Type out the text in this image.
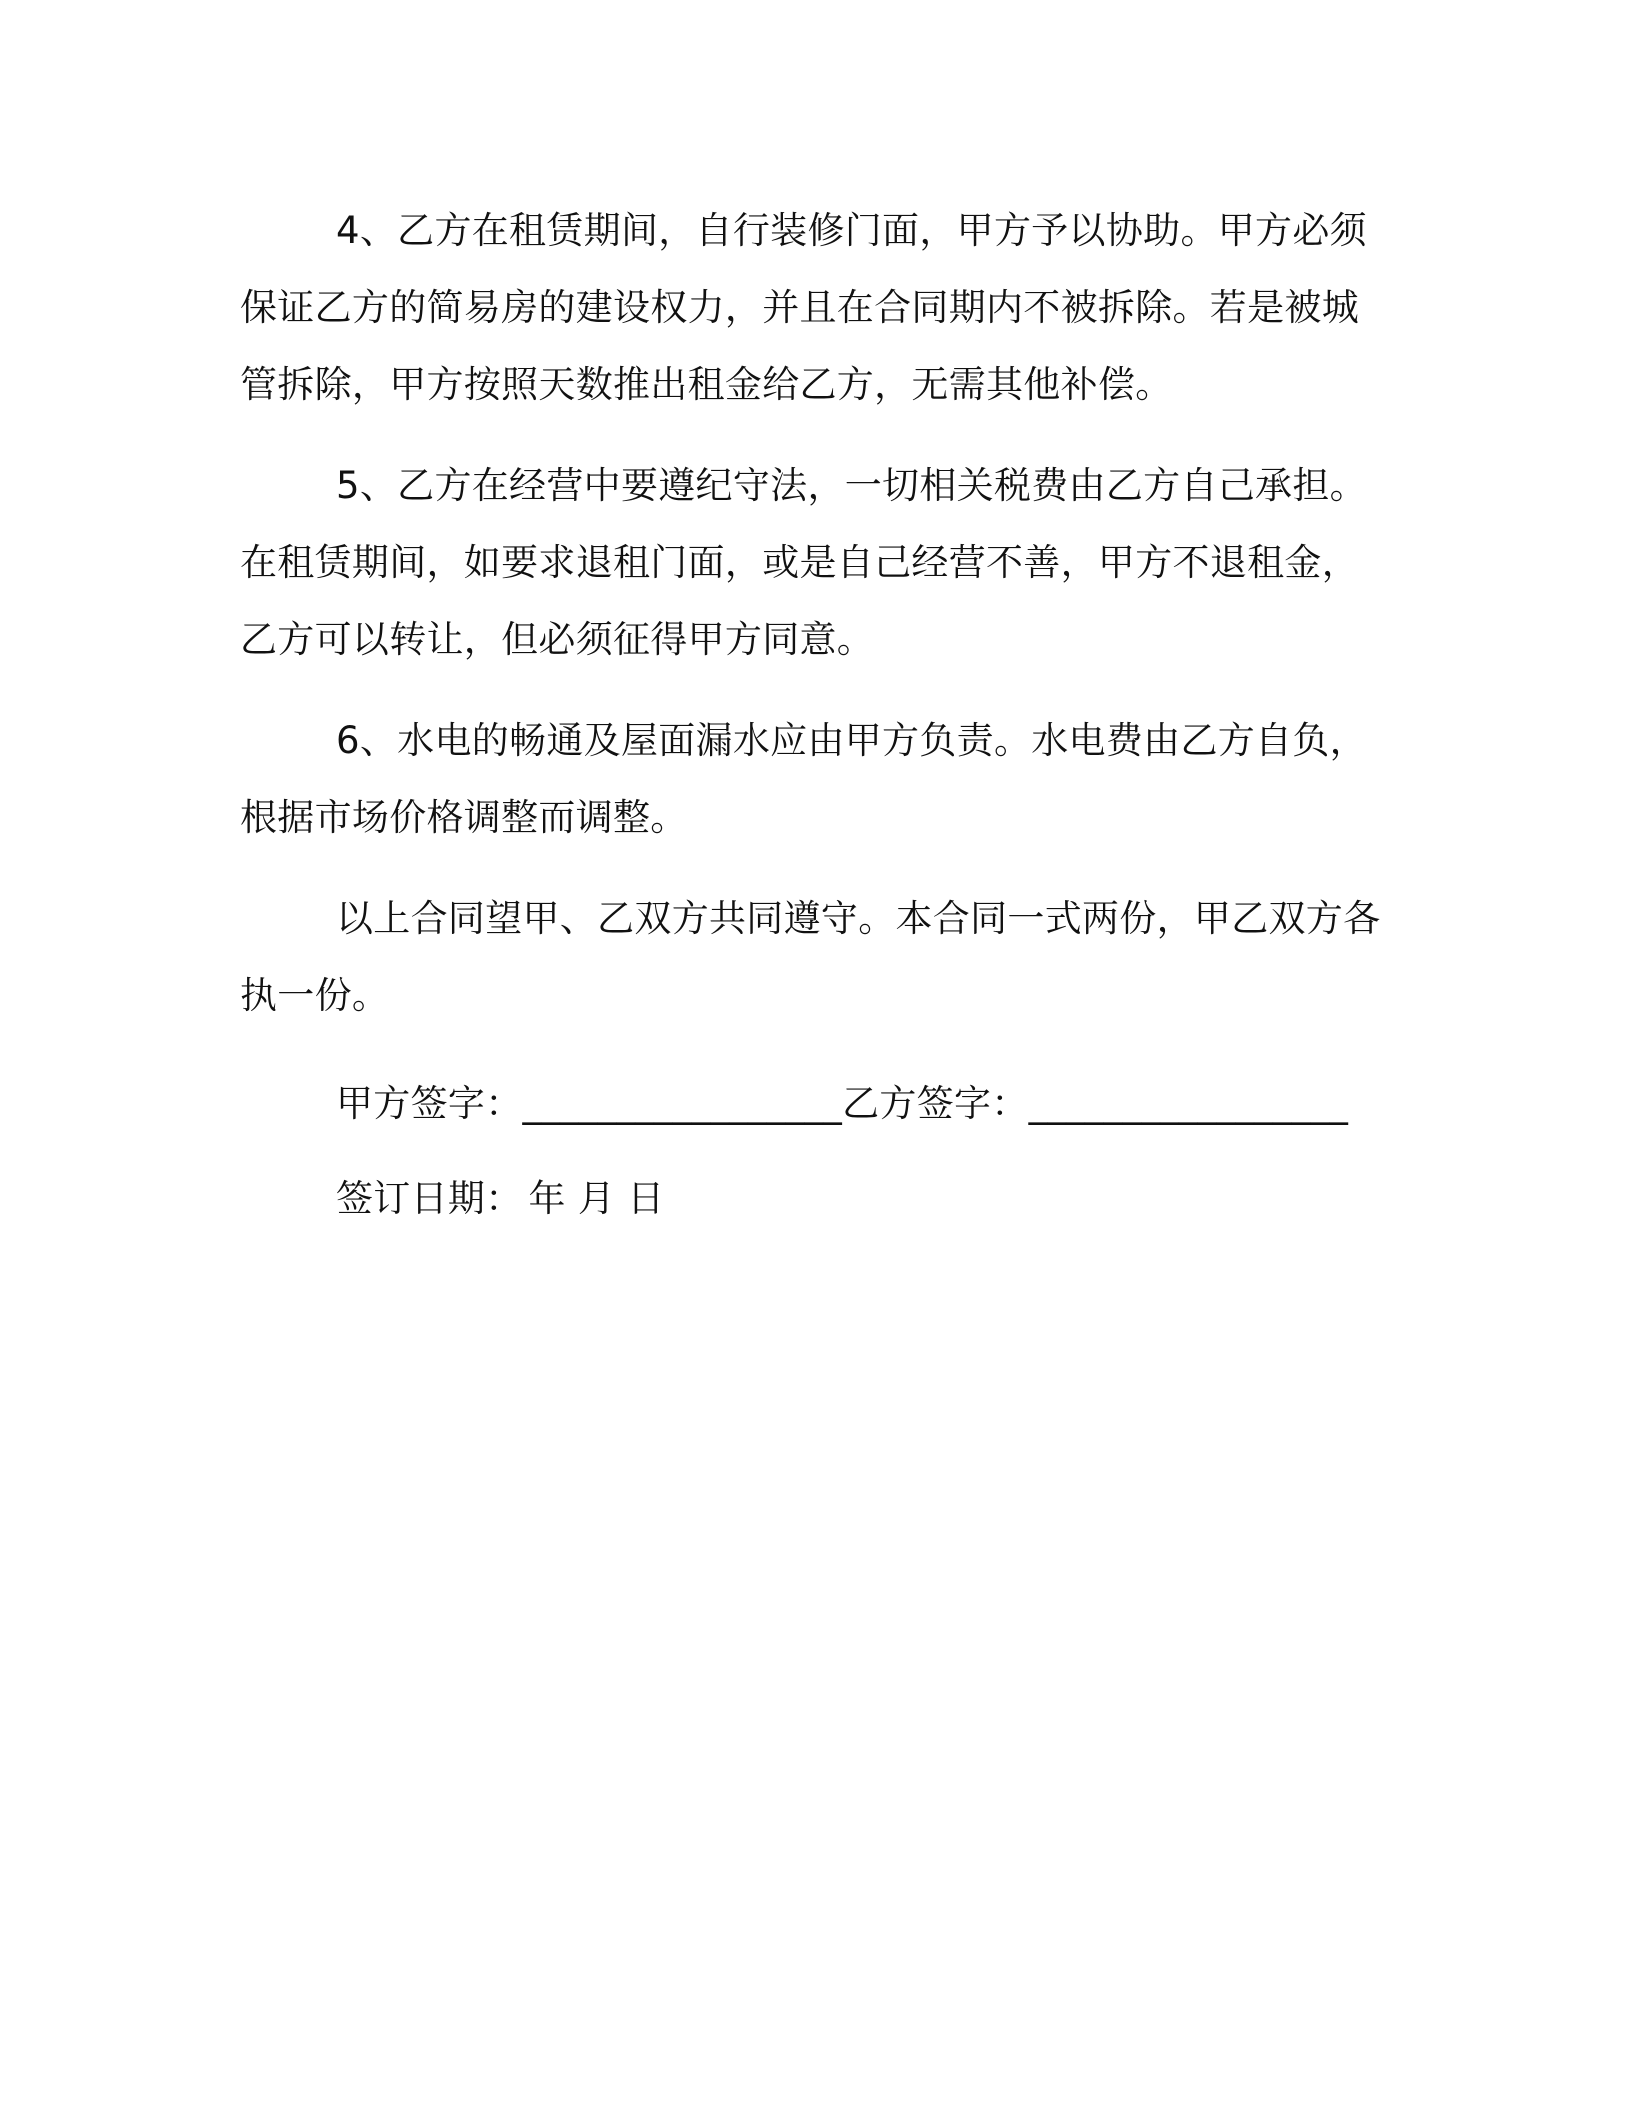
4、乙方在租赁期间，自行装修门面，甲方予以协助。甲方必须保证乙方的简易房的建设权力，并且在合同期内不被拆除。若是被城管拆除，甲方按照天数推出租金给乙方，无需其他补偿。

5、乙方在经营中要遵纪守法，一切相关税费由乙方自己承担。在租赁期间，如要求退租门面，或是自己经营不善，甲方不退租金，乙方可以转让，但必须征得甲方同意。

6、水电的畅通及屋面漏水应由甲方负责。水电费由乙方自负，根据市场价格调整而调整。

以上合同望甲、乙双方共同遵守。本合同一式两份，甲乙双方各执一份。

甲方签字：_________________乙方签字：_________________
签订日期： 年 月 日
